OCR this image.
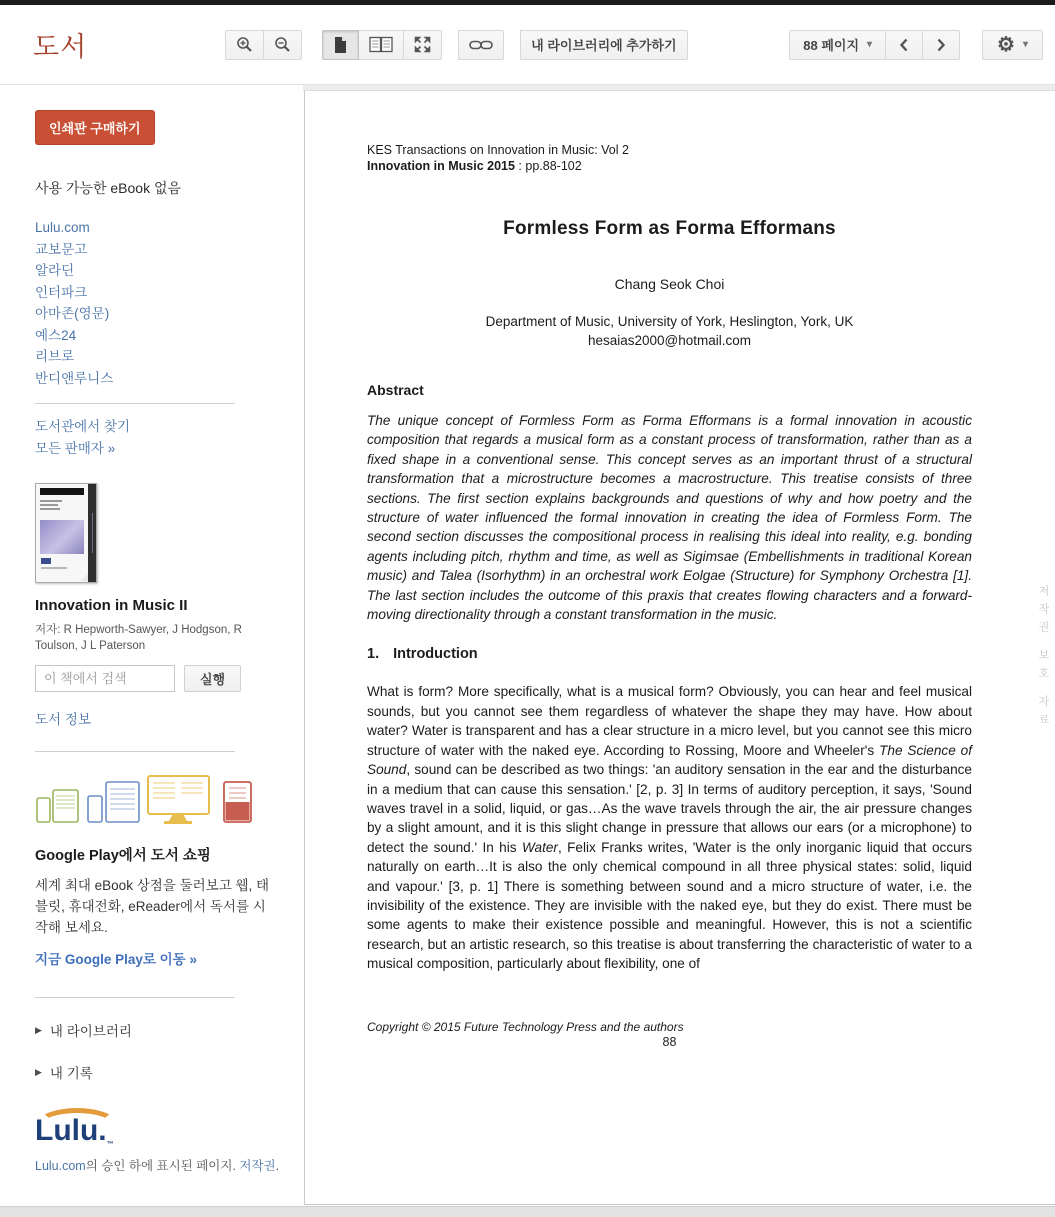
도서	내 라이브러리에 추가하기	88 페이지 ▾	⚙ ▾
인쇄판 구매하기
사용 가능한 eBook 없음
Lulu.com
교보문고
알라딘
인터파크
아마존(영문)
예스24
리브로
반디앤루니스
도서관에서 찾기
모든 판매자 »
Innovation in Music II
저자: R Hepworth-Sawyer, J Hodgson, R Toulson, J L Paterson
이 책에서 검색
실행
도서 정보
Google Play에서 도서 쇼핑
세계 최대 eBook 상점을 둘러보고 웹, 태블릿, 휴대전화, eReader에서 독서를 시작해 보세요.
지금 Google Play로 이동 »
▶ 내 라이브러리
▶ 내 기록
Lulu.™
Lulu.com의 승인 하에 표시된 페이지. 저작권.
KES Transactions on Innovation in Music: Vol 2
Innovation in Music 2015 : pp.88-102
Formless Form as Forma Efformans
Chang Seok Choi
Department of Music, University of York, Heslington, York, UK
hesaias2000@hotmail.com
Abstract
The unique concept of Formless Form as Forma Efformans is a formal innovation in acoustic composition that regards a musical form as a constant process of transformation, rather than as a fixed shape in a conventional sense. This concept serves as an important thrust of a structural transformation that a microstructure becomes a macrostructure. This treatise consists of three sections. The first section explains backgrounds and questions of why and how poetry and the structure of water influenced the formal innovation in creating the idea of Formless Form. The second section discusses the compositional process in realising this ideal into reality, e.g. bonding agents including pitch, rhythm and time, as well as Sigimsae (Embellishments in traditional Korean music) and Talea (Isorhythm) in an orchestral work Eolgae (Structure) for Symphony Orchestra [1]. The last section includes the outcome of this praxis that creates flowing characters and a forward-moving directionality through a constant transformation in the music.
1. Introduction
What is form? More specifically, what is a musical form? Obviously, you can hear and feel musical sounds, but you cannot see them regardless of whatever the shape they may have. How about water? Water is transparent and has a clear structure in a micro level, but you cannot see this micro structure of water with the naked eye. According to Rossing, Moore and Wheeler's The Science of Sound, sound can be described as two things: 'an auditory sensation in the ear and the disturbance in a medium that can cause this sensation.' [2, p. 3] In terms of auditory perception, it says, 'Sound waves travel in a solid, liquid, or gas…As the wave travels through the air, the air pressure changes by a slight amount, and it is this slight change in pressure that allows our ears (or a microphone) to detect the sound.' In his Water, Felix Franks writes, 'Water is the only inorganic liquid that occurs naturally on earth…It is also the only chemical compound in all three physical states: solid, liquid and vapour.' [3, p. 1] There is something between sound and a micro structure of water, i.e. the invisibility of the existence. They are invisible with the naked eye, but they do exist. There must be some agents to make their existence possible and meaningful. However, this is not a scientific research, but an artistic research, so this treatise is about transferring the characteristic of water to a musical composition, particularly about flexibility, one of
Copyright © 2015 Future Technology Press and the authors
88
저작권 보호 자료
